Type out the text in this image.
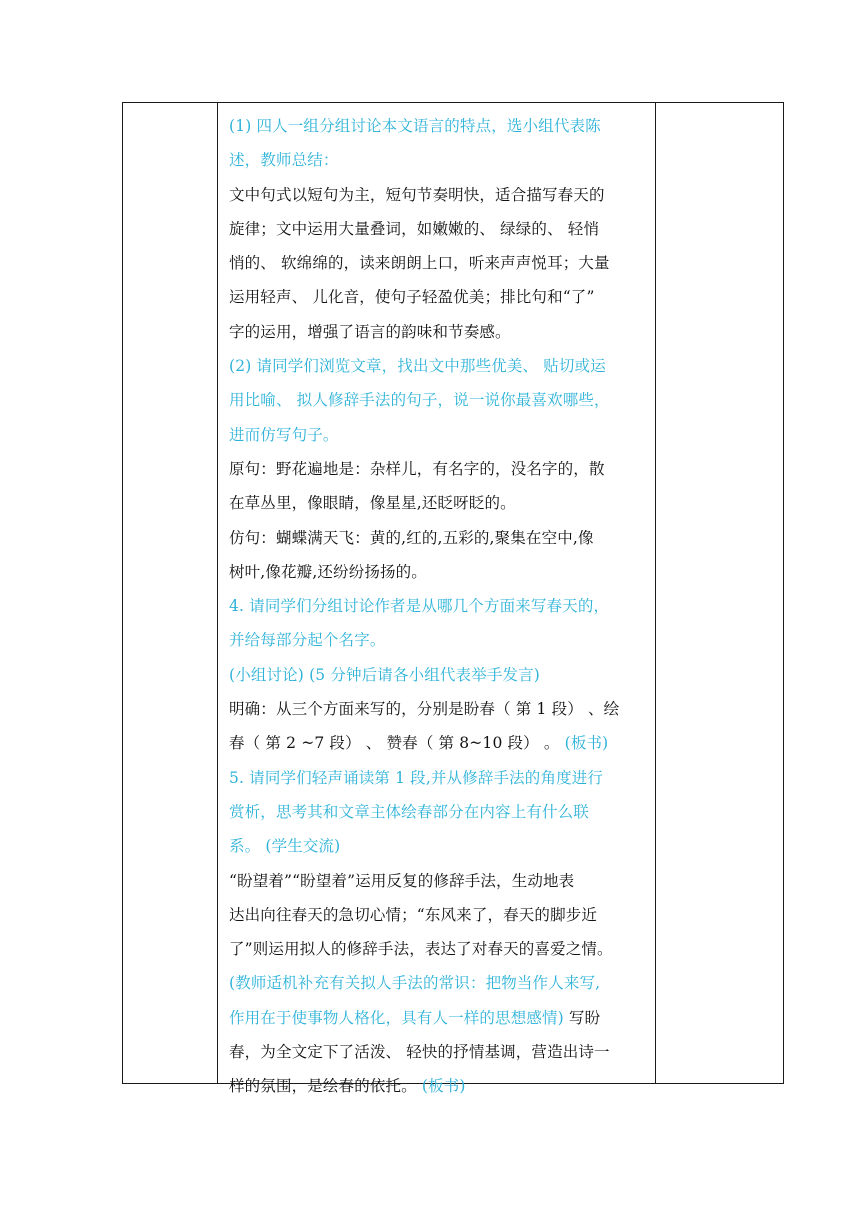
(1) 四人一组分组讨论本文语言的特点，选小组代表陈
述，教师总结：
文中句式以短句为主，短句节奏明快，适合描写春天的
旋律；文中运用大量叠词，如嫩嫩的、 绿绿的、 轻悄
悄的、 软绵绵的，读来朗朗上口，听来声声悦耳；大量
运用轻声、 儿化音，使句子轻盈优美；排比句和“了”
字的运用，增强了语言的韵味和节奏感。
(2) 请同学们浏览文章，找出文中那些优美、 贴切或运
用比喻、 拟人修辞手法的句子，说一说你最喜欢哪些，
进而仿写句子。
原句：野花遍地是：杂样儿，有名字的，没名字的，散
在草丛里，像眼睛，像星星,还眨呀眨的。
仿句：蝴蝶满天飞：黄的,红的,五彩的,聚集在空中,像
树叶,像花瓣,还纷纷扬扬的。
4. 请同学们分组讨论作者是从哪几个方面来写春天的，
并给每部分起个名字。
(小组讨论) (5 分钟后请各小组代表举手发言)
明确：从三个方面来写的，分别是盼春（ 第 1 段） 、绘
春（ 第 2 ~7 段） 、 赞春（ 第 8~10 段） 。 (板书)
5. 请同学们轻声诵读第 1 段,并从修辞手法的角度进行
赏析，思考其和文章主体绘春部分在内容上有什么联
系。 (学生交流)
“盼望着”“盼望着”运用反复的修辞手法，生动地表
达出向往春天的急切心情；“东风来了，春天的脚步近
了”则运用拟人的修辞手法，表达了对春天的喜爱之情。
(教师适机补充有关拟人手法的常识：把物当作人来写,
作用在于使事物人格化，具有人一样的思想感情) 写盼
春，为全文定下了活泼、 轻快的抒情基调，营造出诗一
样的氛围，是绘春的依托。 (板书)
